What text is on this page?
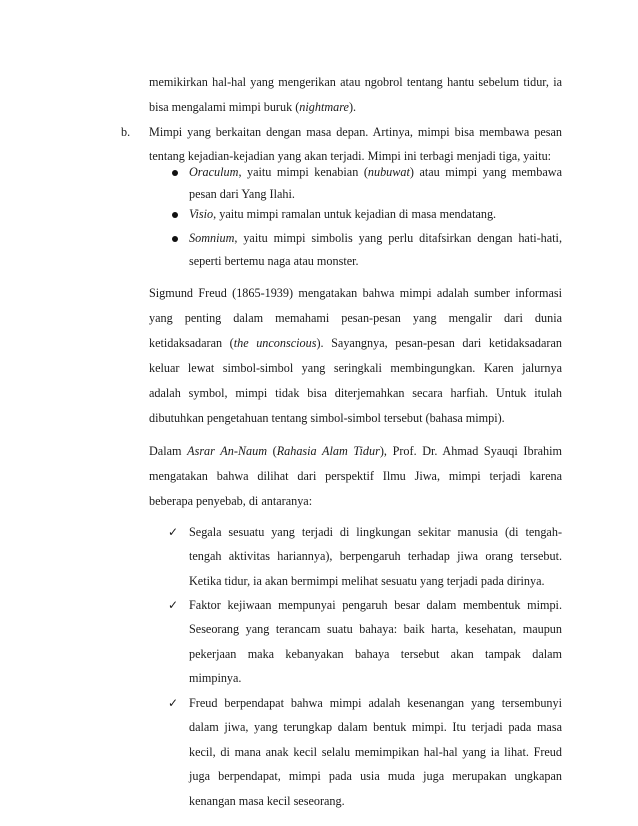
memikirkan hal-hal yang mengerikan atau ngobrol tentang hantu sebelum tidur, ia
bisa mengalami mimpi buruk (nightmare).
b. Mimpi yang berkaitan dengan masa depan. Artinya, mimpi bisa membawa pesan
tentang kejadian-kejadian yang akan terjadi. Mimpi ini terbagi menjadi tiga, yaitu:
Oraculum, yaitu mimpi kenabian (nubuwat) atau mimpi yang membawa
pesan dari Yang Ilahi.
Visio, yaitu mimpi ramalan untuk kejadian di masa mendatang.
Somnium, yaitu mimpi simbolis yang perlu ditafsirkan dengan hati-hati,
seperti bertemu naga atau monster.
Sigmund Freud (1865-1939) mengatakan bahwa mimpi adalah sumber informasi
yang penting dalam memahami pesan-pesan yang mengalir dari dunia
ketidaksadaran (the unconscious). Sayangnya, pesan-pesan dari ketidaksadaran
keluar lewat simbol-simbol yang seringkali membingungkan. Karen jalurnya
adalah symbol, mimpi tidak bisa diterjemahkan secara harfiah. Untuk itulah
dibutuhkan pengetahuan tentang simbol-simbol tersebut (bahasa mimpi).
Dalam Asrar An-Naum (Rahasia Alam Tidur), Prof. Dr. Ahmad Syauqi Ibrahim
mengatakan bahwa dilihat dari perspektif Ilmu Jiwa, mimpi terjadi karena
beberapa penyebab, di antaranya:
✓ Segala sesuatu yang terjadi di lingkungan sekitar manusia (di tengah-
tengah aktivitas hariannya), berpengaruh terhadap jiwa orang tersebut.
Ketika tidur, ia akan bermimpi melihat sesuatu yang terjadi pada dirinya.
✓ Faktor kejiwaan mempunyai pengaruh besar dalam membentuk mimpi.
Seseorang yang terancam suatu bahaya: baik harta, kesehatan, maupun
pekerjaan maka kebanyakan bahaya tersebut akan tampak dalam
mimpinya.
✓ Freud berpendapat bahwa mimpi adalah kesenangan yang tersembunyi
dalam jiwa, yang terungkap dalam bentuk mimpi. Itu terjadi pada masa
kecil, di mana anak kecil selalu memimpikan hal-hal yang ia lihat. Freud
juga berpendapat, mimpi pada usia muda juga merupakan ungkapan
kenangan masa kecil seseorang.
